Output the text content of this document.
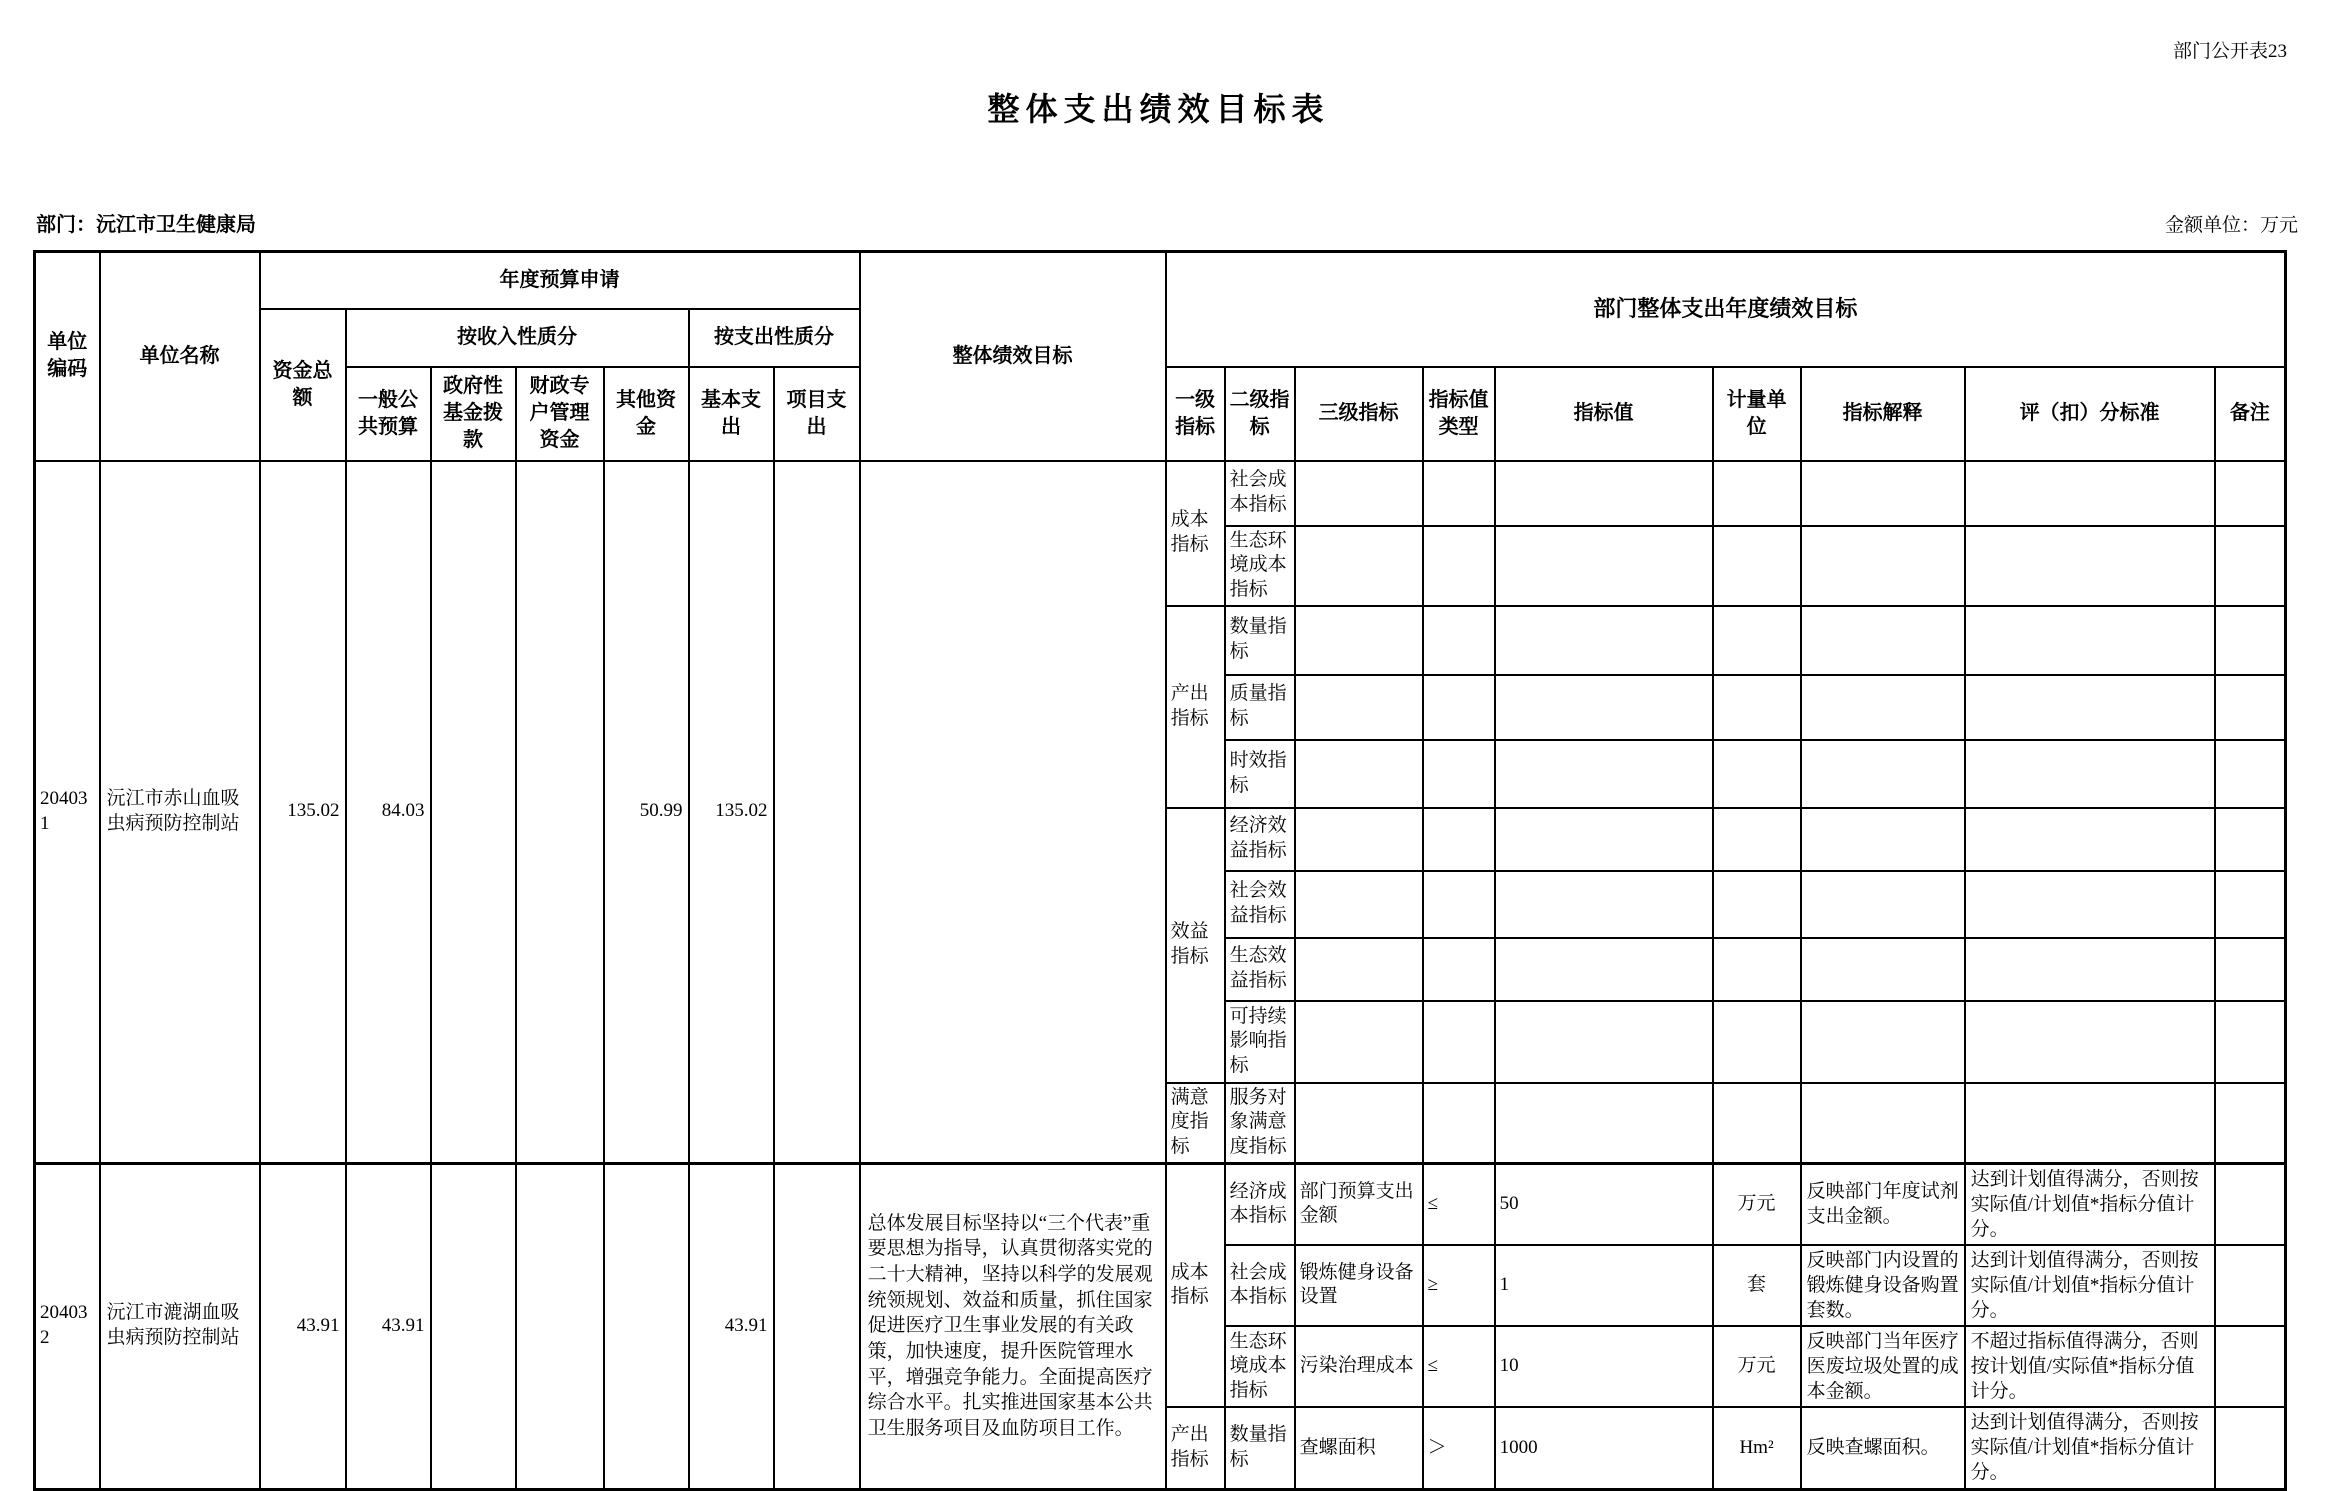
部门公开表23
整体支出绩效目标表
部门：沅江市卫生健康局	金额单位：万元
单位编码	单位名称	年度预算申请							整体绩效目标	部门整体支出年度绩效目标								
		资金总额	按收入性质分				按支出性质分											
			一般公共预算	政府性基金拨款	财政专户管理资金	其他资金	基本支出	项目支出		一级指标	二级指标	三级指标	指标值类型	指标值	计量单位	指标解释	评（扣）分标准	备注
204031	沅江市赤山血吸虫病预防控制站	135.02	84.03			50.99	135.02			成本指标	社会成本指标							
											生态环境成本指标							
										产出指标	数量指标							
											质量指标							
											时效指标							
										效益指标	经济效益指标							
											社会效益指标							
											生态效益指标							
											可持续影响指标							
										满意度指标	服务对象满意度指标							
204032	沅江市漉湖血吸虫病预防控制站	43.91	43.91				43.91		总体发展目标坚持以“三个代表”重要思想为指导，认真贯彻落实党的二十大精神，坚持以科学的发展观统领规划、效益和质量，抓住国家促进医疗卫生事业发展的有关政策，加快速度，提升医院管理水平，增强竞争能力。全面提高医疗综合水平。扎实推进国家基本公共卫生服务项目及血防项目工作。	成本指标	经济成本指标	部门预算支出金额	≤	50	万元	反映部门年度试剂支出金额。	达到计划值得满分，否则按实际值/计划值*指标分值计分。	
											社会成本指标	锻炼健身设备设置	≥	1	套	反映部门内设置的锻炼健身设备购置套数。	达到计划值得满分，否则按实际值/计划值*指标分值计分。	
											生态环境成本指标	污染治理成本	≤	10	万元	反映部门当年医疗医废垃圾处置的成本金额。	不超过指标值得满分，否则按计划值/实际值*指标分值计分。	
										产出指标	数量指标	查螺面积	＞	1000	Hm²	反映查螺面积。	达到计划值得满分，否则按实际值/计划值*指标分值计分。	
